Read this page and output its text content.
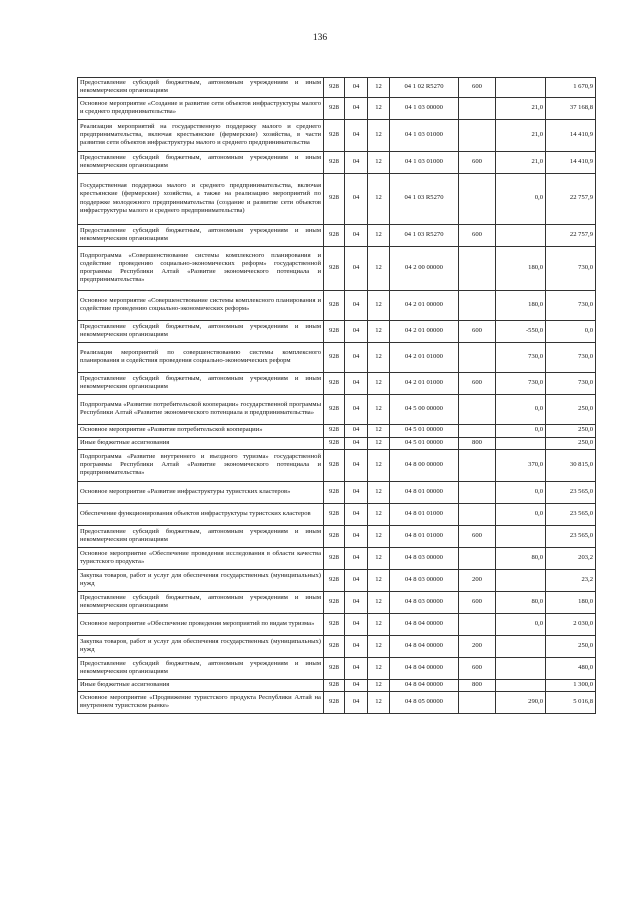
136
Предоставление субсидий бюджетным, автономным учреждениям и иным некоммерческим организациям	928	04	12	04 1 02 R5270	600		1 670,9
Основное мероприятие «Создание и развитие сети объектов инфраструктуры малого и среднего предпринимательства»	928	04	12	04 1 03 00000		21,0	37 168,8
Реализация мероприятий на государственную поддержку малого и среднего предпринимательства, включая крестьянские (фермерские) хозяйства, в части развития сети объектов инфраструктуры малого и среднего предпринимательства	928	04	12	04 1 03 01000		21,0	14 410,9
Предоставление субсидий бюджетным, автономным учреждениям и иным некоммерческим организациям	928	04	12	04 1 03 01000	600	21,0	14 410,9
Государственная поддержка малого и среднего предпринимательства, включая крестьянские (фермерские) хозяйства, а также на реализацию мероприятий по поддержке молодежного предпринимательства (создание и развитие сети объектов инфраструктуры малого и среднего предпринимательства)	928	04	12	04 1 03 R5270		0,0	22 757,9
Предоставление субсидий бюджетным, автономным учреждениям и иным некоммерческим организациям	928	04	12	04 1 03 R5270	600		22 757,9
Подпрограмма «Совершенствование системы комплексного планирования и содействие проведению социально-экономических реформ» государственной программы Республики Алтай «Развитие экономического потенциала и предпринимательства»	928	04	12	04 2 00 00000		180,0	730,0
Основное мероприятие «Совершенствование системы комплексного планирования и содействие проведению социально-экономических реформ»	928	04	12	04 2 01 00000		180,0	730,0
Предоставление субсидий бюджетным, автономным учреждениям и иным некоммерческим организациям	928	04	12	04 2 01 00000	600	-550,0	0,0
Реализация мероприятий по совершенствованию системы комплексного планирования и содействия проведения социально-экономических реформ	928	04	12	04 2 01 01000		730,0	730,0
Предоставление субсидий бюджетным, автономным учреждениям и иным некоммерческим организациям	928	04	12	04 2 01 01000	600	730,0	730,0
Подпрограмма «Развитие потребительской кооперации» государственной программы Республики Алтай «Развитие экономического потенциала и предпринимательства»	928	04	12	04 5 00 00000		0,0	250,0
Основное мероприятие «Развитие потребительской кооперации»	928	04	12	04 5 01 00000		0,0	250,0
Иные бюджетные ассигнования	928	04	12	04 5 01 00000	800		250,0
Подпрограмма «Развитие внутреннего и въездного туризма» государственной программы Республики Алтай «Развитие экономического потенциала и предпринимательства»	928	04	12	04 8 00 00000		370,0	30 815,0
Основное мероприятие «Развитие инфраструктуры туристских кластеров»	928	04	12	04 8 01 00000		0,0	23 565,0
Обеспечение функционирования объектов инфраструктуры туристских кластеров	928	04	12	04 8 01 01000		0,0	23 565,0
Предоставление субсидий бюджетным, автономным учреждениям и иным некоммерческим организациям	928	04	12	04 8 01 01000	600		23 565,0
Основное мероприятие «Обеспечение проведения исследования в области качества туристского продукта»	928	04	12	04 8 03 00000		80,0	203,2
Закупка товаров, работ и услуг для обеспечения государственных (муниципальных) нужд	928	04	12	04 8 03 00000	200		23,2
Предоставление субсидий бюджетным, автономным учреждениям и иным некоммерческим организациям	928	04	12	04 8 03 00000	600	80,0	180,0
Основное мероприятие «Обеспечение проведения мероприятий по видам туризма»	928	04	12	04 8 04 00000		0,0	2 030,0
Закупка товаров, работ и услуг для обеспечения государственных (муниципальных) нужд	928	04	12	04 8 04 00000	200		250,0
Предоставление субсидий бюджетным, автономным учреждениям и иным некоммерческим организациям	928	04	12	04 8 04 00000	600		480,0
Иные бюджетные ассигнования	928	04	12	04 8 04 00000	800		1 300,0
Основное мероприятие «Продвижение туристского продукта Республики Алтай на внутреннем туристском рынке»	928	04	12	04 8 05 00000		290,0	5 016,8
